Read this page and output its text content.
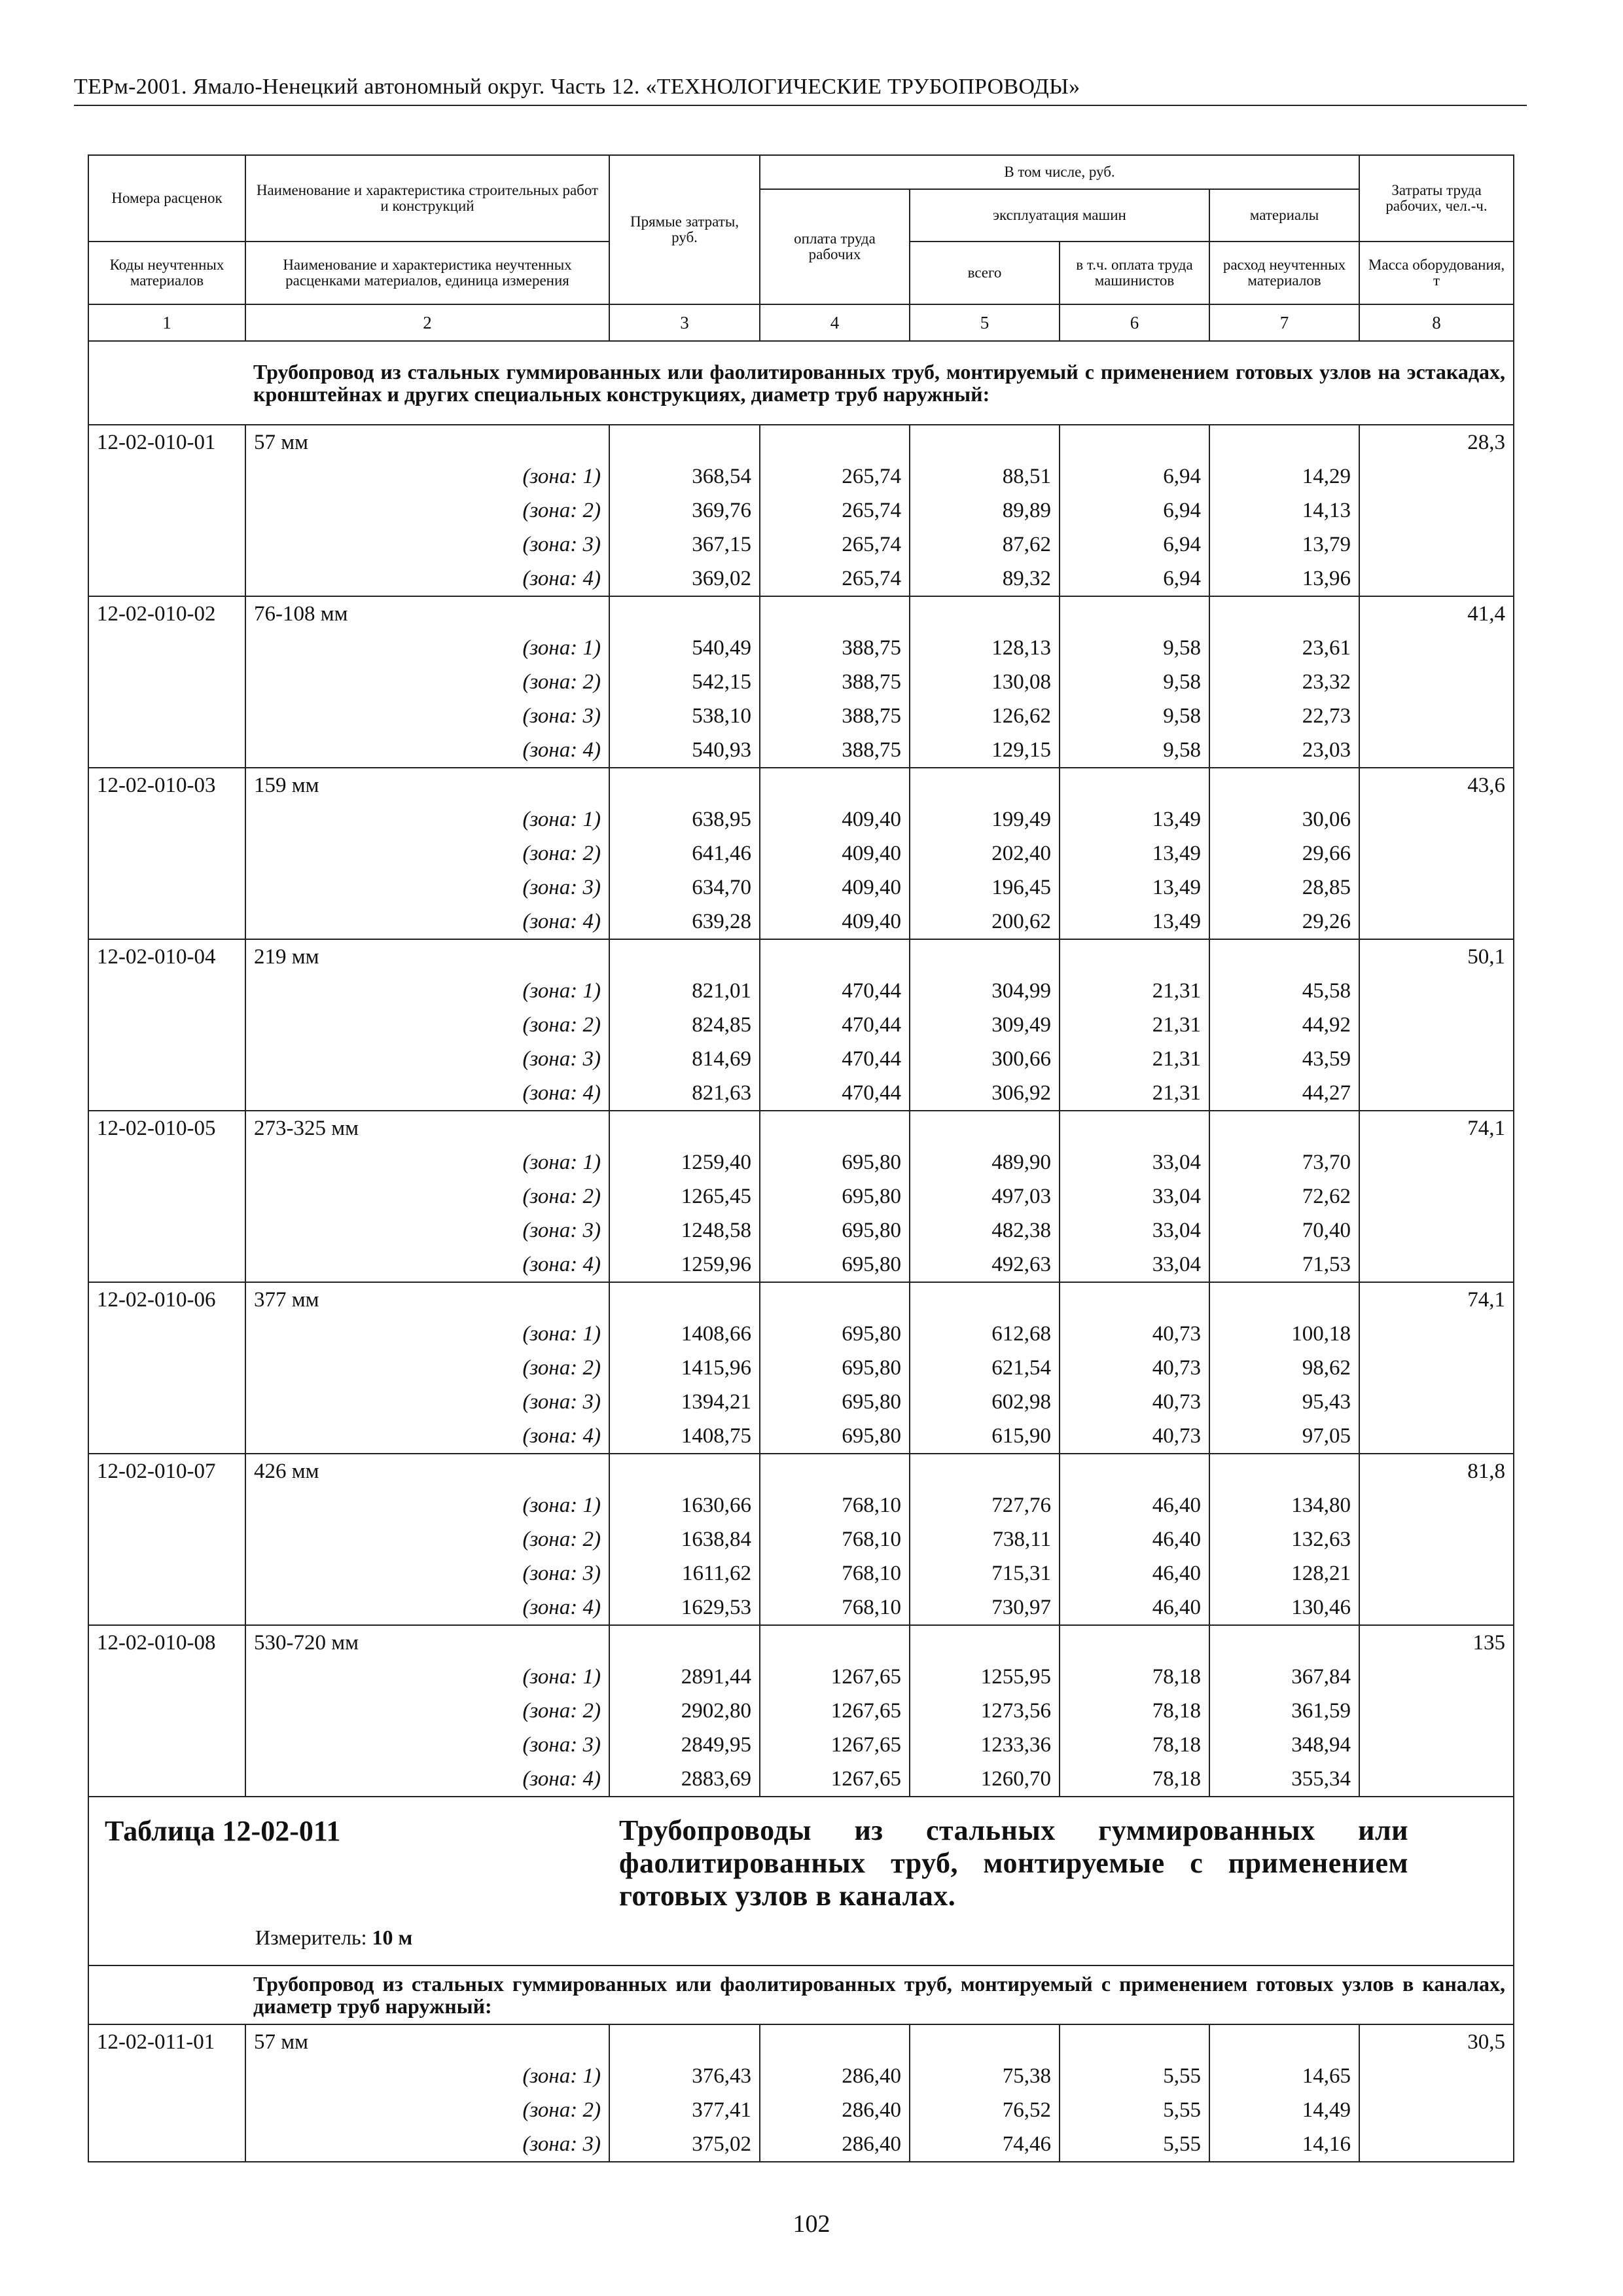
ТЕРм-2001. Ямало-Ненецкий автономный округ. Часть 12. «ТЕХНОЛОГИЧЕСКИЕ ТРУБОПРОВОДЫ»
Номера расценок	Наименование и характеристика строительных работ и конструкций	Прямые затраты, руб.	В том числе, руб.				Затраты труда рабочих, чел.-ч.
			оплата труда рабочих	эксплуатация машин		материалы	
Коды неучтенных материалов	Наименование и характеристика неучтенных расценками материалов, единица измерения			всего	в т.ч. оплата труда машинистов	расход неучтенных материалов	Масса оборудования, т
1	2	3	4	5	6	7	8
	Трубопровод из стальных гуммированных или фаолитированных труб, монтируемый с применением готовых узлов на эстакадах, кронштейнах и других специальных конструкциях, диаметр труб наружный:						
12-02-010-01	57 мм						28,3
	(зона: 1)	368,54	265,74	88,51	6,94	14,29	
	(зона: 2)	369,76	265,74	89,89	6,94	14,13	
	(зона: 3)	367,15	265,74	87,62	6,94	13,79	
	(зона: 4)	369,02	265,74	89,32	6,94	13,96	
12-02-010-02	76-108 мм						41,4
	(зона: 1)	540,49	388,75	128,13	9,58	23,61	
	(зона: 2)	542,15	388,75	130,08	9,58	23,32	
	(зона: 3)	538,10	388,75	126,62	9,58	22,73	
	(зона: 4)	540,93	388,75	129,15	9,58	23,03	
12-02-010-03	159 мм						43,6
	(зона: 1)	638,95	409,40	199,49	13,49	30,06	
	(зона: 2)	641,46	409,40	202,40	13,49	29,66	
	(зона: 3)	634,70	409,40	196,45	13,49	28,85	
	(зона: 4)	639,28	409,40	200,62	13,49	29,26	
12-02-010-04	219 мм						50,1
	(зона: 1)	821,01	470,44	304,99	21,31	45,58	
	(зона: 2)	824,85	470,44	309,49	21,31	44,92	
	(зона: 3)	814,69	470,44	300,66	21,31	43,59	
	(зона: 4)	821,63	470,44	306,92	21,31	44,27	
12-02-010-05	273-325 мм						74,1
	(зона: 1)	1259,40	695,80	489,90	33,04	73,70	
	(зона: 2)	1265,45	695,80	497,03	33,04	72,62	
	(зона: 3)	1248,58	695,80	482,38	33,04	70,40	
	(зона: 4)	1259,96	695,80	492,63	33,04	71,53	
12-02-010-06	377 мм						74,1
	(зона: 1)	1408,66	695,80	612,68	40,73	100,18	
	(зона: 2)	1415,96	695,80	621,54	40,73	98,62	
	(зона: 3)	1394,21	695,80	602,98	40,73	95,43	
	(зона: 4)	1408,75	695,80	615,90	40,73	97,05	
12-02-010-07	426 мм						81,8
	(зона: 1)	1630,66	768,10	727,76	46,40	134,80	
	(зона: 2)	1638,84	768,10	738,11	46,40	132,63	
	(зона: 3)	1611,62	768,10	715,31	46,40	128,21	
	(зона: 4)	1629,53	768,10	730,97	46,40	130,46	
12-02-010-08	530-720 мм						135
	(зона: 1)	2891,44	1267,65	1255,95	78,18	367,84	
	(зона: 2)	2902,80	1267,65	1273,56	78,18	361,59	
	(зона: 3)	2849,95	1267,65	1233,36	78,18	348,94	
	(зона: 4)	2883,69	1267,65	1260,70	78,18	355,34	

Таблица 12-02-011 Трубопроводы из стальных гуммированных или фаолитированных труб, монтируемые с применением готовых узлов в каналах.
Измеритель: 10 м							

	Трубопровод из стальных гуммированных или фаолитированных труб, монтируемый с применением готовых узлов в каналах, диаметр труб наружный:						
12-02-011-01	57 мм						30,5
	(зона: 1)	376,43	286,40	75,38	5,55	14,65	
	(зона: 2)	377,41	286,40	76,52	5,55	14,49	
	(зона: 3)	375,02	286,40	74,46	5,55	14,16	
102
